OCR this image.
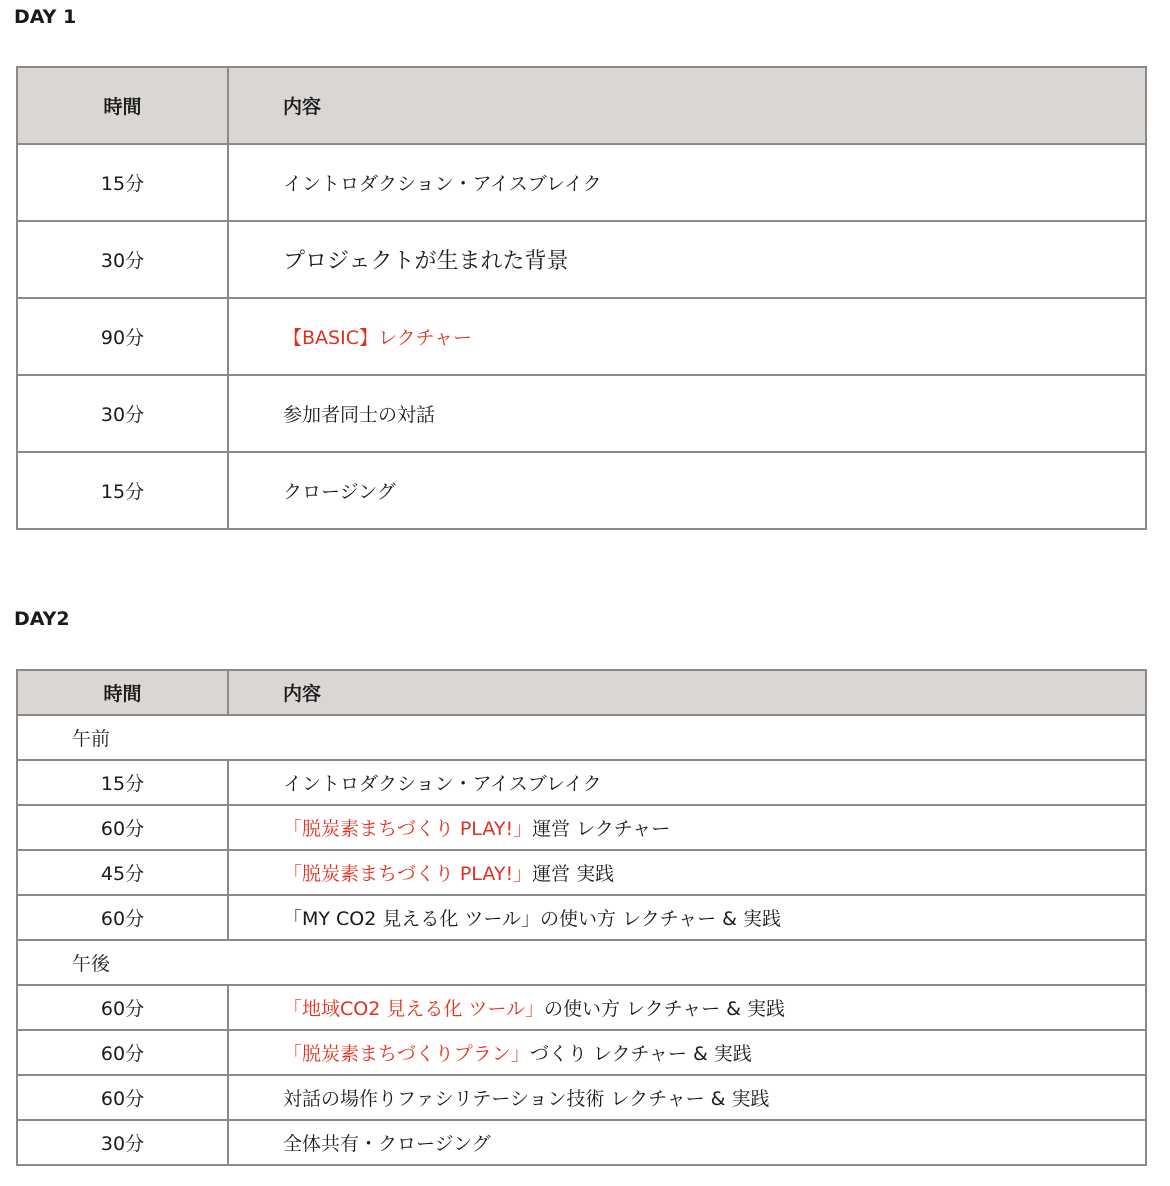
DAY 1
時間	内容
15分	イントロダクション・アイスブレイク
30分	プロジェクトが生まれた背景
90分	【BASIC】レクチャー
30分	参加者同士の対話
15分	クロージング
DAY2
時間	内容
午前	
15分	イントロダクション・アイスブレイク
60分	「脱炭素まちづくり PLAY!」運営 レクチャー
45分	「脱炭素まちづくり PLAY!」運営 実践
60分	「MY CO2 見える化 ツール」の使い方 レクチャー & 実践
午後	
60分	「地域CO2 見える化 ツール」の使い方 レクチャー & 実践
60分	「脱炭素まちづくりプラン」づくり レクチャー & 実践
60分	対話の場作りファシリテーション技術 レクチャー & 実践
30分	全体共有・クロージング
